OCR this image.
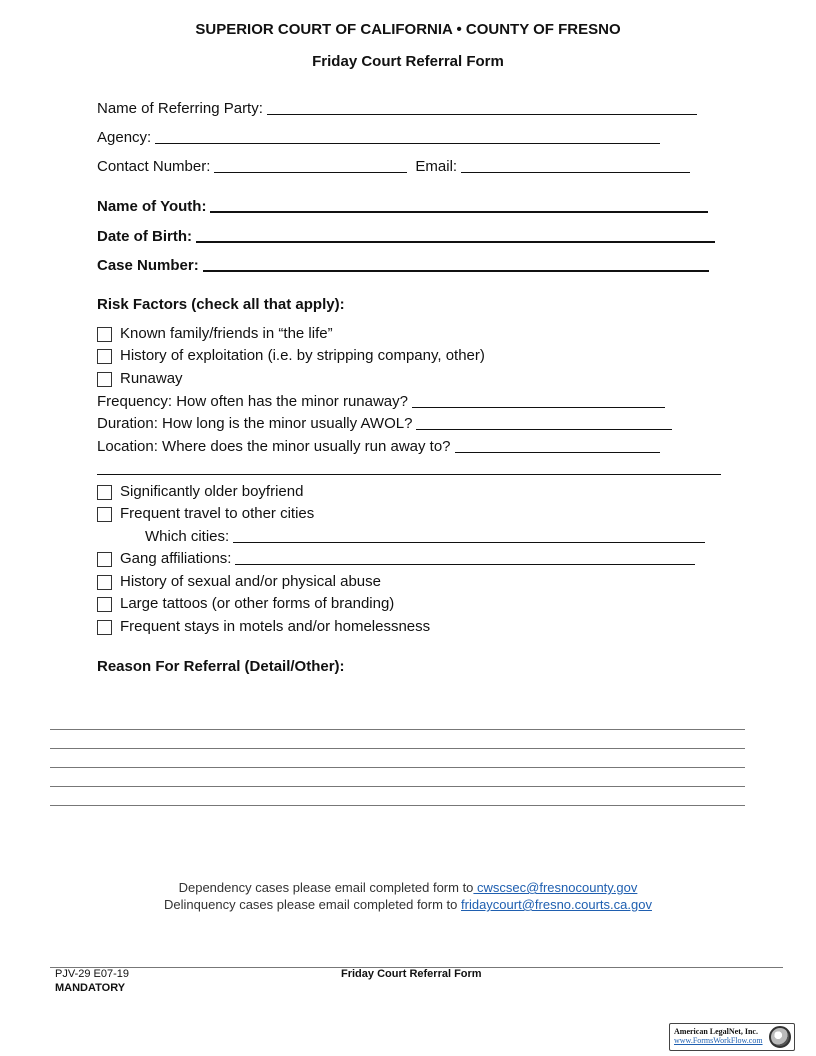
SUPERIOR COURT OF CALIFORNIA • COUNTY OF FRESNO
Friday Court Referral Form
Name of Referring Party:
Agency:
Contact Number:	Email:
Name of Youth:
Date of Birth:
Case Number:
Risk Factors (check all that apply):
Known family/friends in “the life”
History of exploitation (i.e. by stripping company, other)
Runaway
Frequency: How often has the minor runaway?
Duration: How long is the minor usually AWOL?
Location: Where does the minor usually run away to?
Significantly older boyfriend
Frequent travel to other cities
Which cities:
Gang affiliations:
History of sexual and/or physical abuse
Large tattoos (or other forms of branding)
Frequent stays in motels and/or homelessness
Reason For Referral (Detail/Other):
Dependency cases please email completed form to cwscsec@fresnocounty.gov
Delinquency cases please email completed form to fridaycourt@fresno.courts.ca.gov
PJV-29 E07-19
MANDATORY
Friday Court Referral Form
American LegalNet, Inc.
www.FormsWorkFlow.com
